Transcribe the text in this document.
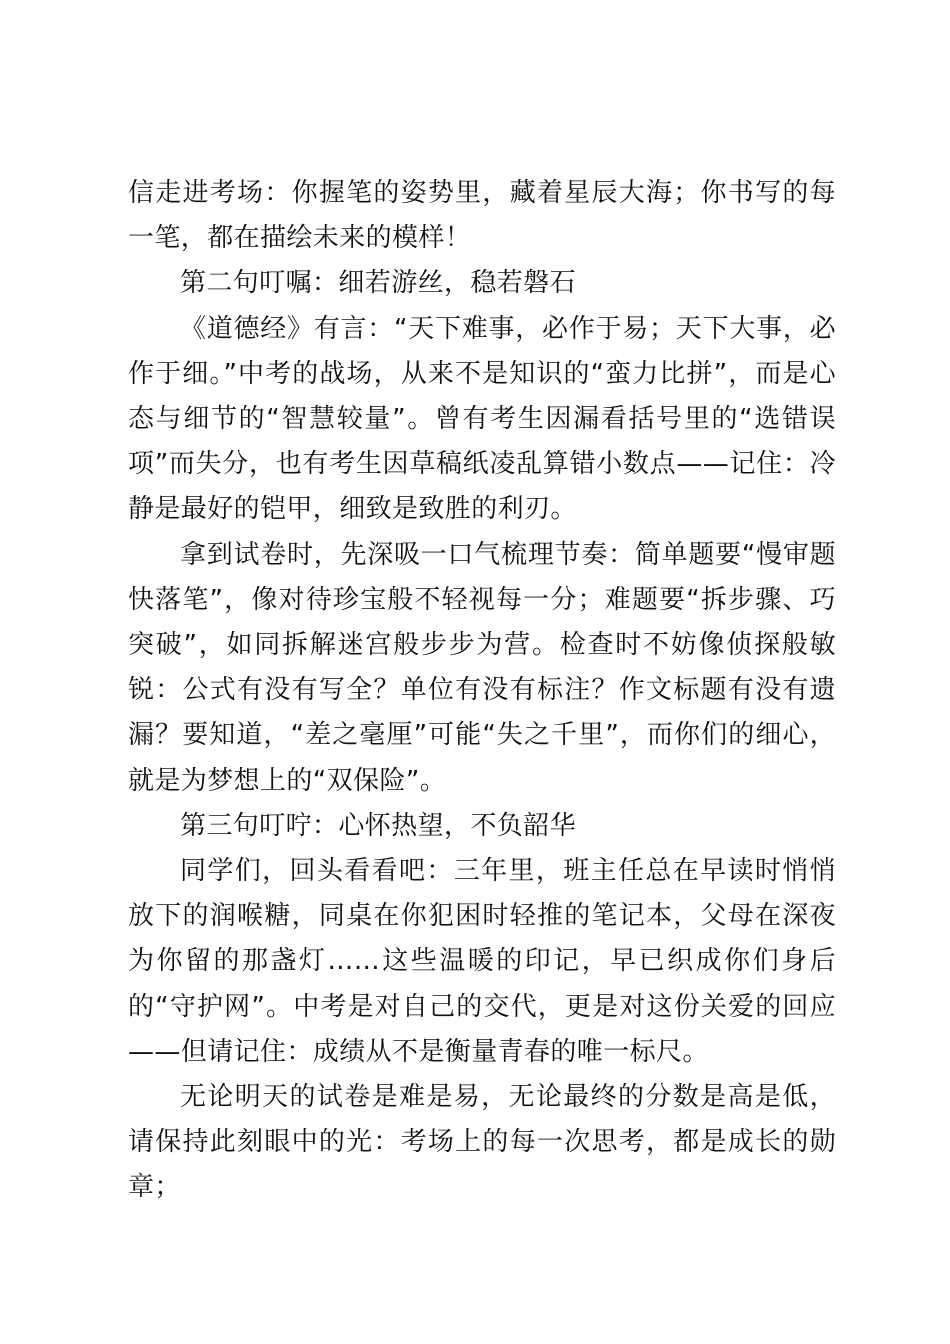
信走进考场：你握笔的姿势里，藏着星辰大海；你书写的每一笔，都在描绘未来的模样！

第二句叮嘱：细若游丝，稳若磐石

《道德经》有言：“天下难事，必作于易；天下大事，必作于细。”中考的战场，从来不是知识的“蛮力比拼”，而是心态与细节的“智慧较量”。曾有考生因漏看括号里的“选错误项”而失分，也有考生因草稿纸凌乱算错小数点——记住：冷静是最好的铠甲，细致是致胜的利刃。

拿到试卷时，先深吸一口气梳理节奏：简单题要“慢审题快落笔”，像对待珍宝般不轻视每一分；难题要“拆步骤、巧突破”，如同拆解迷宫般步步为营。检查时不妨像侦探般敏锐：公式有没有写全？单位有没有标注？作文标题有没有遗漏？要知道，“差之毫厘”可能“失之千里”，而你们的细心，就是为梦想上的“双保险”。

第三句叮咛：心怀热望，不负韶华

同学们，回头看看吧：三年里，班主任总在早读时悄悄放下的润喉糖，同桌在你犯困时轻推的笔记本，父母在深夜为你留的那盏灯……这些温暖的印记，早已织成你们身后的“守护网”。中考是对自己的交代，更是对这份关爱的回应——但请记住：成绩从不是衡量青春的唯一标尺。

无论明天的试卷是难是易，无论最终的分数是高是低，请保持此刻眼中的光：考场上的每一次思考，都是成长的勋章；
